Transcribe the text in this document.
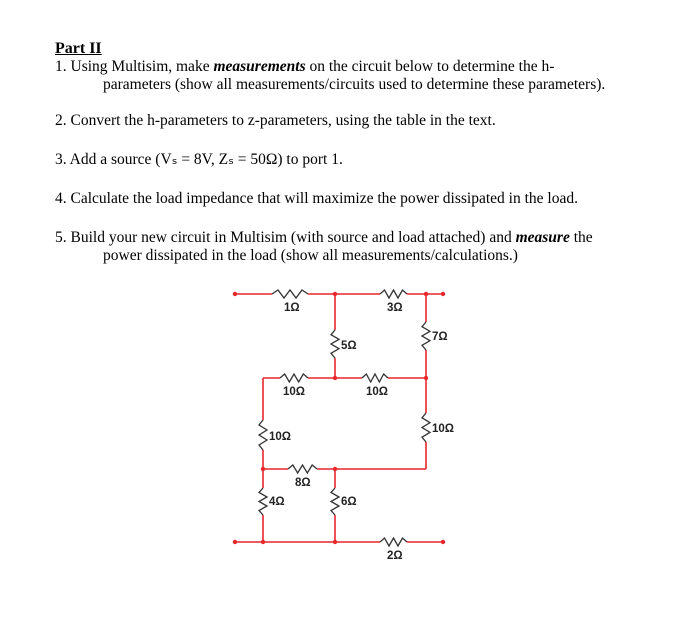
Part II
1. Using Multisim, make measurements on the circuit below to determine the h-
parameters (show all measurements/circuits used to determine these parameters).
2. Convert the h-parameters to z-parameters, using the table in the text.
3. Add a source (Vₛ = 8V, Zₛ = 50Ω) to port 1.
4. Calculate the load impedance that will maximize the power dissipated in the load.
5. Build your new circuit in Multisim (with source and load attached) and measure the
power dissipated in the load (show all measurements/calculations.)
1Ω	3Ω
5Ω
7Ω
10Ω	10Ω
10Ω
10Ω
8Ω
4Ω	6Ω
2Ω
